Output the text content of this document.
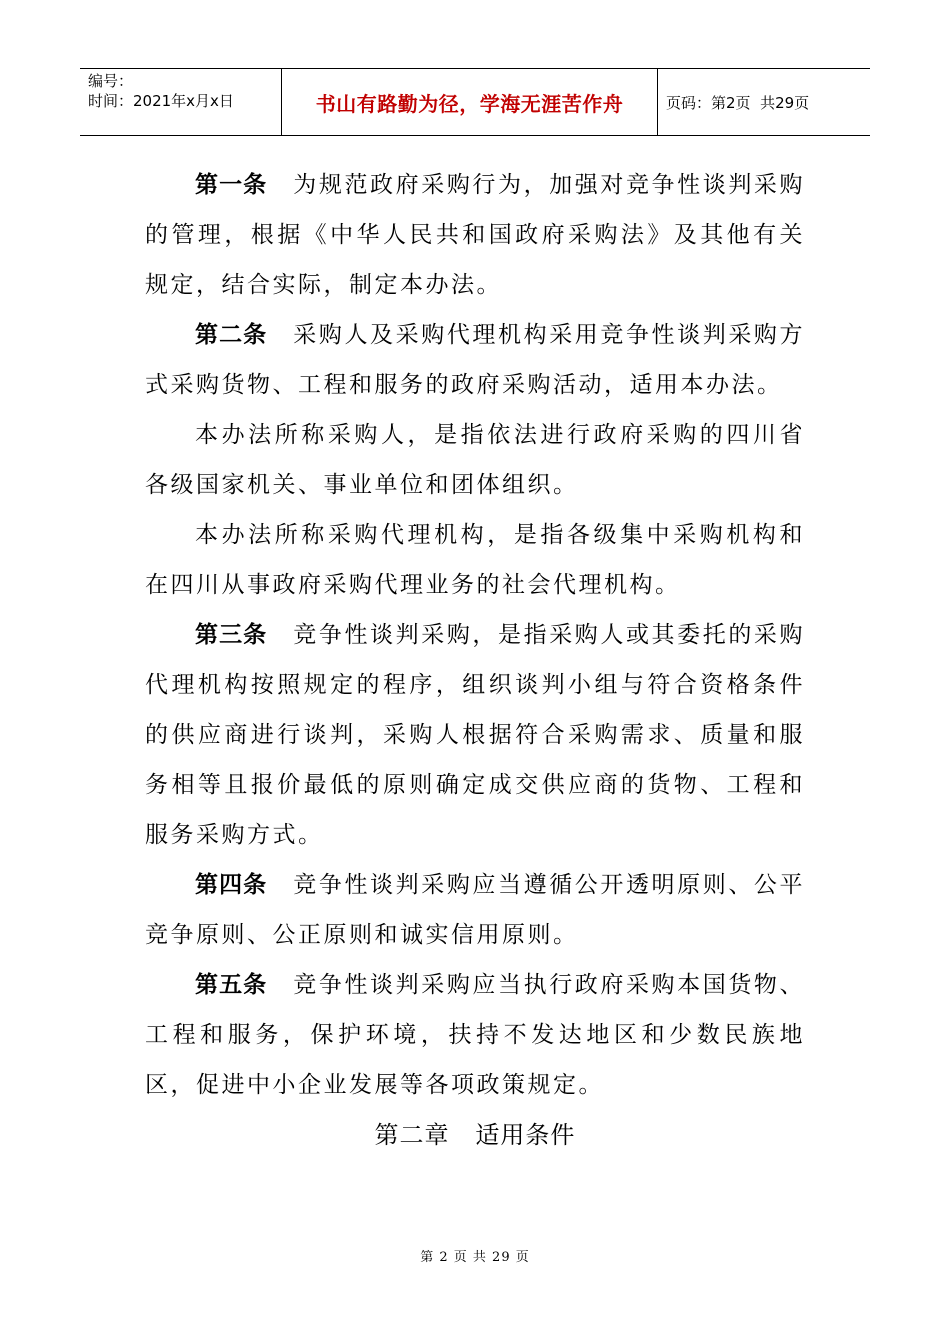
编号：
时间：2021年x月x日	书山有路勤为径，学海无涯苦作舟	页码：第2页  共29页

第一条 为规范政府采购行为，加强对竞争性谈判采购的管理，根据《中华人民共和国政府采购法》及其他有关规定，结合实际，制定本办法。

第二条 采购人及采购代理机构采用竞争性谈判采购方式采购货物、工程和服务的政府采购活动，适用本办法。

本办法所称采购人，是指依法进行政府采购的四川省各级国家机关、事业单位和团体组织。

本办法所称采购代理机构，是指各级集中采购机构和在四川从事政府采购代理业务的社会代理机构。

第三条 竞争性谈判采购，是指采购人或其委托的采购代理机构按照规定的程序，组织谈判小组与符合资格条件的供应商进行谈判，采购人根据符合采购需求、质量和服务相等且报价最低的原则确定成交供应商的货物、工程和服务采购方式。

第四条 竞争性谈判采购应当遵循公开透明原则、公平竞争原则、公正原则和诚实信用原则。

第五条 竞争性谈判采购应当执行政府采购本国货物、工程和服务，保护环境，扶持不发达地区和少数民族地区，促进中小企业发展等各项政策规定。

第二章   适用条件

第 2 页 共 29 页
